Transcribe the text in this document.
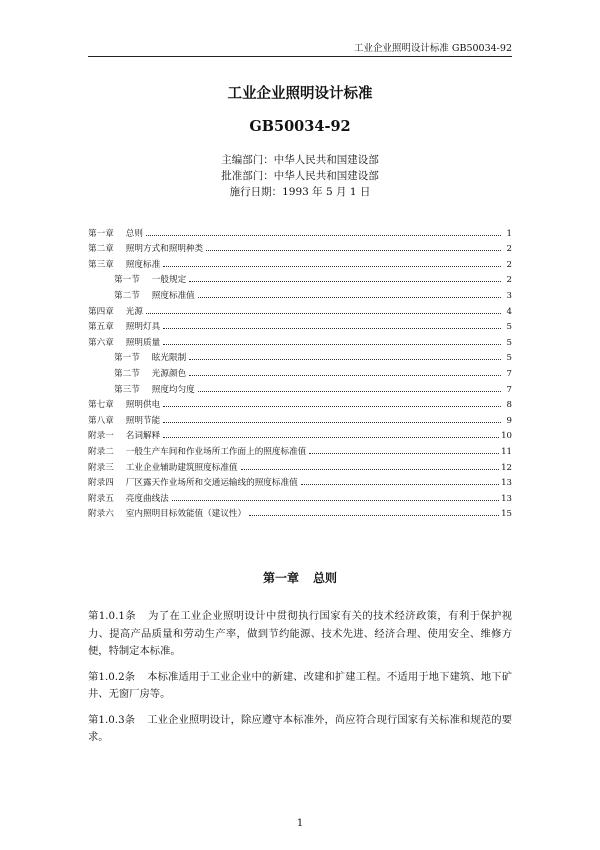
工业企业照明设计标准 GB50034-92
工业企业照明设计标准
GB50034-92
主编部门：中华人民共和国建设部
批准部门：中华人民共和国建设部
施行日期：1993 年 5 月 1 日
第一章 总则	1
第二章 照明方式和照明种类	2
第三章 照度标准	2
第一节 一般规定	2
第二节 照度标准值	3
第四章 光源	4
第五章 照明灯具	5
第六章 照明质量	5
第一节 眩光限制	5
第二节 光源颜色	7
第三节 照度均匀度	7
第七章 照明供电	8
第八章 照明节能	9
附录一 名词解释	10
附录二 一般生产车间和作业场所工作面上的照度标准值	11
附录三 工业企业辅助建筑照度标准值	12
附录四 厂区露天作业场所和交通运输线的照度标准值	13
附录五 亮度曲线法	13
附录六 室内照明目标效能值（建议性）	15
第一章 总则

第1.0.1条 为了在工业企业照明设计中贯彻执行国家有关的技术经济政策，有利于保护视力、提高产品质量和劳动生产率，做到节约能源、技术先进、经济合理、使用安全、维修方便，特制定本标准。

第1.0.2条 本标准适用于工业企业中的新建、改建和扩建工程。不适用于地下建筑、地下矿井、无窗厂房等。

第1.0.3条 工业企业照明设计，除应遵守本标准外，尚应符合现行国家有关标准和规范的要求。

1
